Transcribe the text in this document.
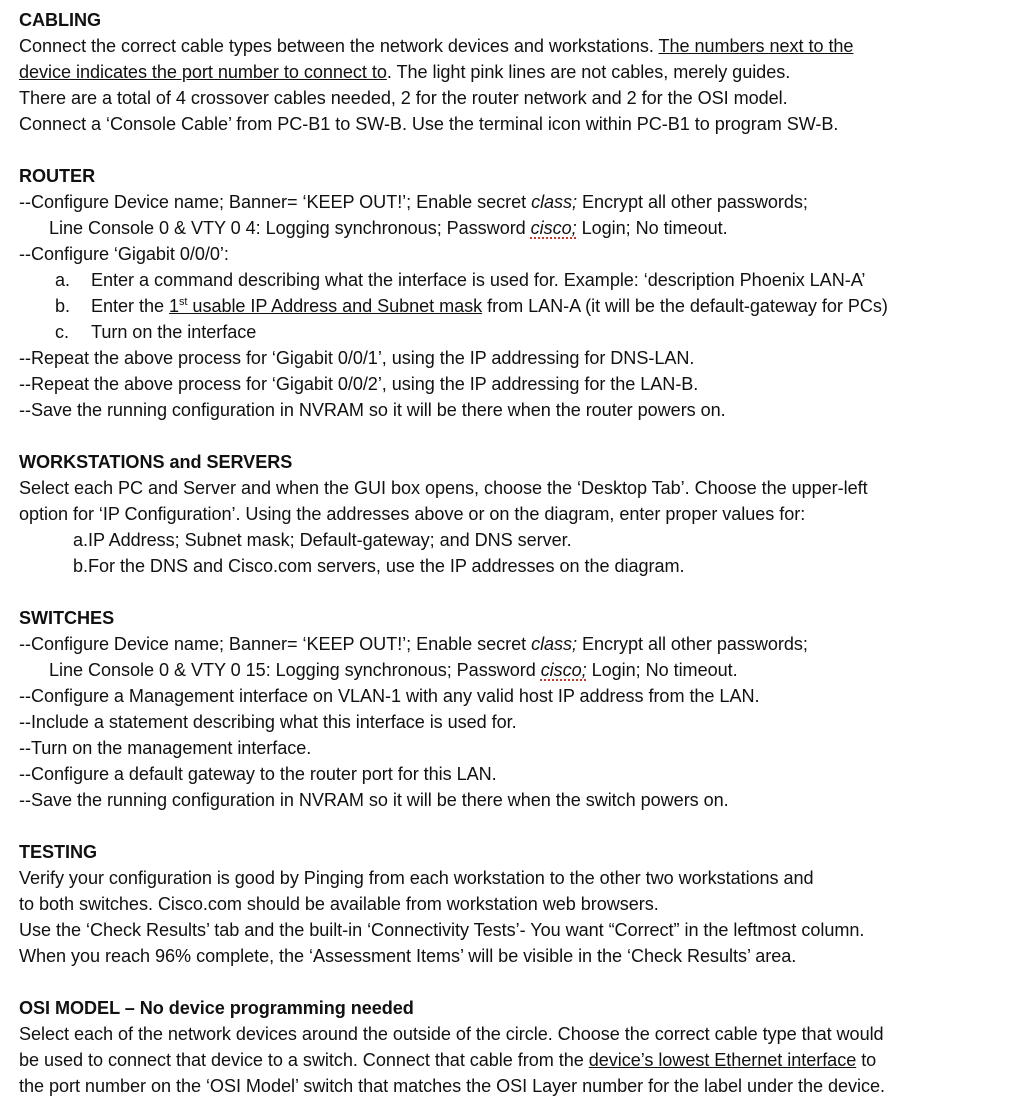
CABLING
Connect the correct cable types between the network devices and workstations. The numbers next to the
device indicates the port number to connect to. The light pink lines are not cables, merely guides.
There are a total of 4 crossover cables needed, 2 for the router network and 2 for the OSI model.
Connect a ‘Console Cable’ from PC-B1 to SW-B. Use the terminal icon within PC-B1 to program SW-B.
ROUTER
--Configure Device name; Banner= ‘KEEP OUT!’; Enable secret class; Encrypt all other passwords;
Line Console 0 & VTY 0 4: Logging synchronous; Password cisco; Login; No timeout.
--Configure ‘Gigabit 0/0/0’:
a. Enter a command describing what the interface is used for. Example: ‘description Phoenix LAN-A’
b. Enter the 1st usable IP Address and Subnet mask from LAN-A (it will be the default-gateway for PCs)
c. Turn on the interface
--Repeat the above process for ‘Gigabit 0/0/1’, using the IP addressing for DNS-LAN.
--Repeat the above process for ‘Gigabit 0/0/2’, using the IP addressing for the LAN-B.
--Save the running configuration in NVRAM so it will be there when the router powers on.
WORKSTATIONS and SERVERS
Select each PC and Server and when the GUI box opens, choose the ‘Desktop Tab’. Choose the upper-left
option for ‘IP Configuration’. Using the addresses above or on the diagram, enter proper values for:
a.IP Address; Subnet mask; Default-gateway; and DNS server.
b.For the DNS and Cisco.com servers, use the IP addresses on the diagram.
SWITCHES
--Configure Device name; Banner= ‘KEEP OUT!’; Enable secret class; Encrypt all other passwords;
Line Console 0 & VTY 0 15: Logging synchronous; Password cisco; Login; No timeout.
--Configure a Management interface on VLAN-1 with any valid host IP address from the LAN.
--Include a statement describing what this interface is used for.
--Turn on the management interface.
--Configure a default gateway to the router port for this LAN.
--Save the running configuration in NVRAM so it will be there when the switch powers on.
TESTING
Verify your configuration is good by Pinging from each workstation to the other two workstations and
to both switches. Cisco.com should be available from workstation web browsers.
Use the ‘Check Results’ tab and the built-in ‘Connectivity Tests’- You want “Correct” in the leftmost column.
When you reach 96% complete, the ‘Assessment Items’ will be visible in the ‘Check Results’ area.
OSI MODEL – No device programming needed
Select each of the network devices around the outside of the circle. Choose the correct cable type that would
be used to connect that device to a switch. Connect that cable from the device’s lowest Ethernet interface to
the port number on the ‘OSI Model’ switch that matches the OSI Layer number for the label under the device.
